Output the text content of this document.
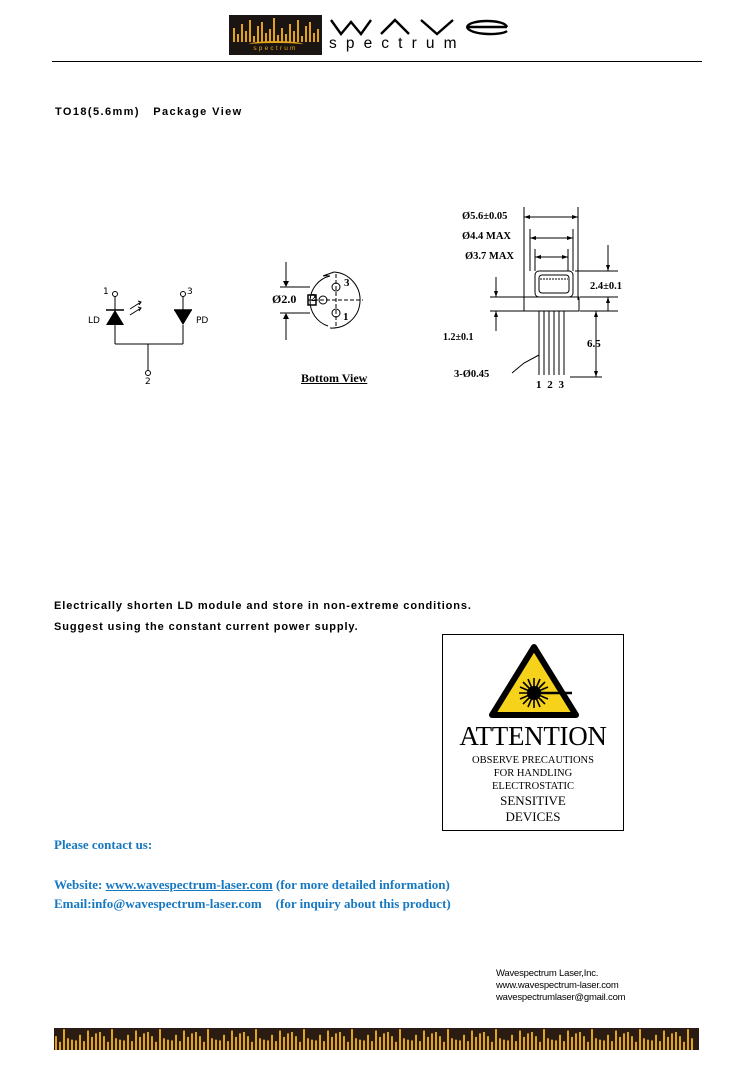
spectrum	s p e c t r u m
TO18(5.6mm)   Package View
1	3
LD	PD
2
Ø2.0
3
2
1
Bottom View
Ø5.6±0.05
Ø4.4 MAX
Ø3.7 MAX
2.4±0.1
1.2±0.1
6.5
3-Ø0.45
1 2 3
Electrically shorten LD module and store in non-extreme conditions.
Suggest using the constant current power supply.
ATTENTION
OBSERVE PRECAUTIONS
FOR HANDLING
ELECTROSTATIC
SENSITIVE
DEVICES
Please contact us:
Website: www.wavespectrum-laser.com (for more detailed information)
Email:info@wavespectrum-laser.com (for inquiry about this product)
Wavespectrum Laser,Inc.
www.wavespectrum-laser.com
wavespectrumlaser@gmail.com
